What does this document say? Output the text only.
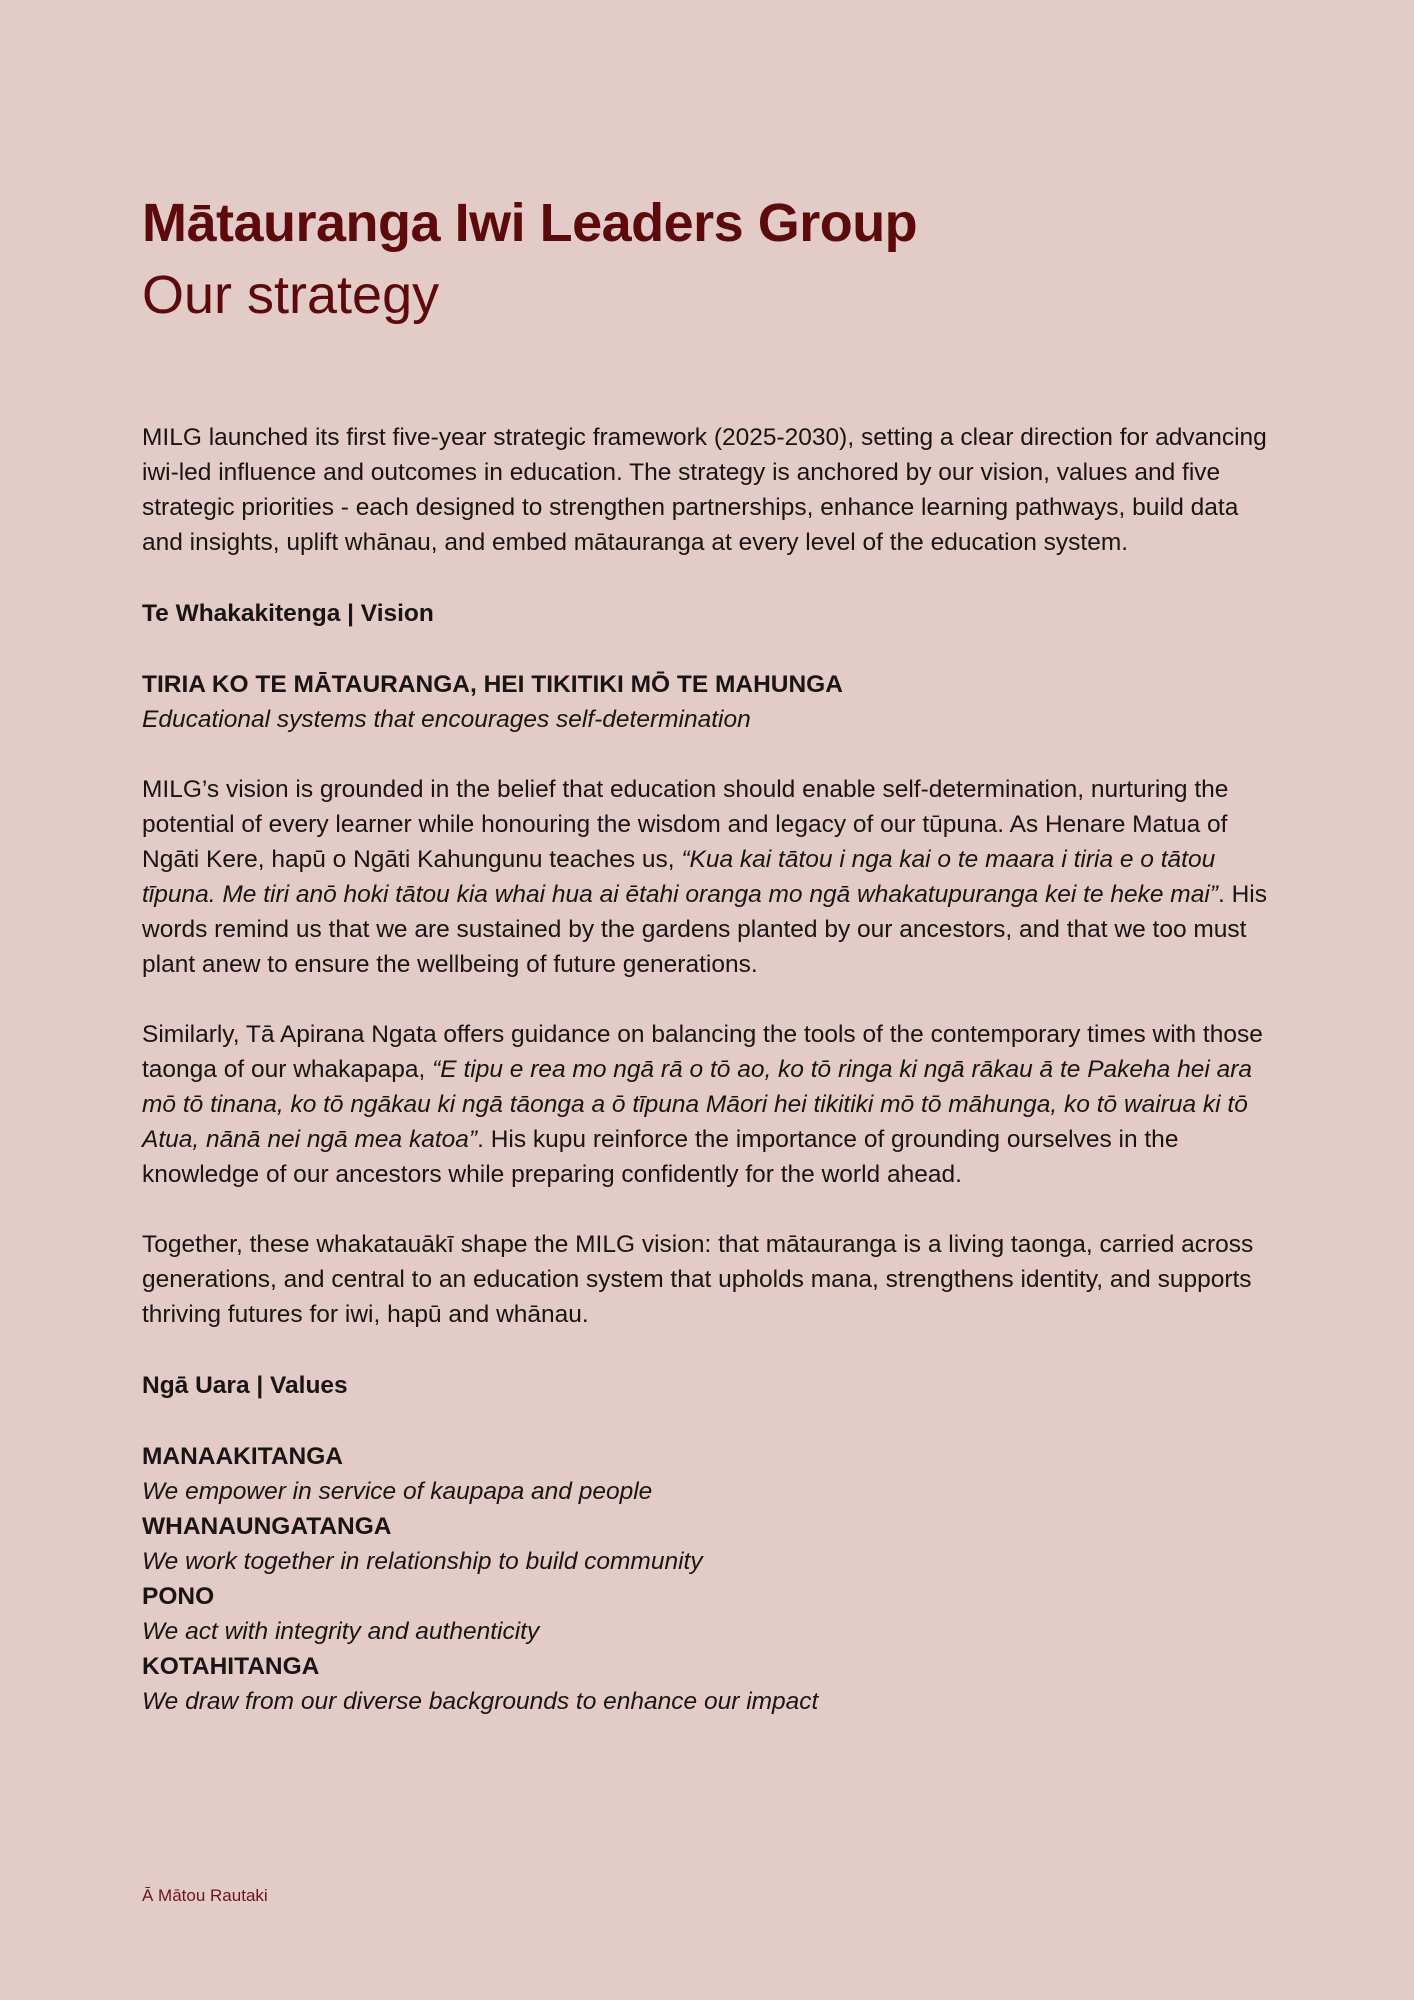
Mātauranga Iwi Leaders Group
Our strategy

MILG launched its first five-year strategic framework (2025-2030), setting a clear direction for advancing iwi-led influence and outcomes in education. The strategy is anchored by our vision, values and five strategic priorities - each designed to strengthen partnerships, enhance learning pathways, build data and insights, uplift whānau, and embed mātauranga at every level of the education system.

Te Whakakitenga | Vision

TIRIA KO TE MĀTAURANGA, HEI TIKITIKI MŌ TE MAHUNGA

Educational systems that encourages self-determination

MILG’s vision is grounded in the belief that education should enable self-determination, nurturing the potential of every learner while honouring the wisdom and legacy of our tūpuna. As Henare Matua of Ngāti Kere, hapū o Ngāti Kahungunu teaches us, “Kua kai tātou i nga kai o te maara i tiria e o tātou tīpuna. Me tiri anō hoki tātou kia whai hua ai ētahi oranga mo ngā whakatupuranga kei te heke mai”. His words remind us that we are sustained by the gardens planted by our ancestors, and that we too must plant anew to ensure the wellbeing of future generations.

Similarly, Tā Apirana Ngata offers guidance on balancing the tools of the contemporary times with those taonga of our whakapapa, “E tipu e rea mo ngā rā o tō ao, ko tō ringa ki ngā rākau ā te Pakeha hei ara mō tō tinana, ko tō ngākau ki ngā tāonga a ō tīpuna Māori hei tikitiki mō tō māhunga, ko tō wairua ki tō Atua, nānā nei ngā mea katoa”. His kupu reinforce the importance of grounding ourselves in the knowledge of our ancestors while preparing confidently for the world ahead.

Together, these whakatauākī shape the MILG vision: that mātauranga is a living taonga, carried across generations, and central to an education system that upholds mana, strengthens identity, and supports thriving futures for iwi, hapū and whānau.

Ngā Uara | Values

MANAAKITANGA

We empower in service of kaupapa and people

WHANAUNGATANGA

We work together in relationship to build community

PONO

We act with integrity and authenticity

KOTAHITANGA

We draw from our diverse backgrounds to enhance our impact

Ā Mātou Rautaki
